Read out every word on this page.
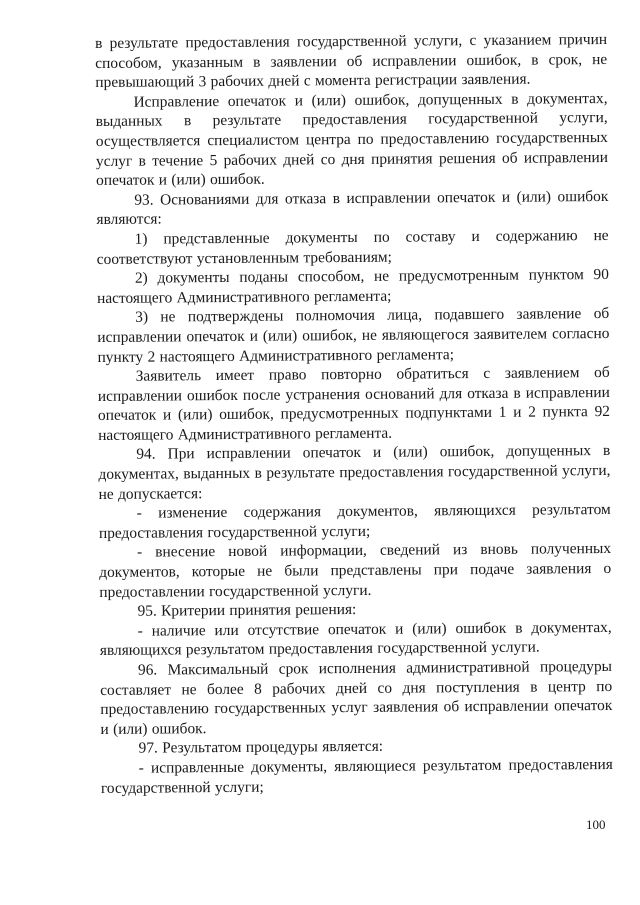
в результате предоставления государственной услуги, с указанием причин способом, указанным в заявлении об исправлении ошибок, в срок, не превышающий 3 рабочих дней с момента регистрации заявления.

Исправление опечаток и (или) ошибок, допущенных в документах, выданных в результате предоставления государственной услуги, осуществляется специалистом центра по предоставлению государственных услуг в течение 5 рабочих дней со дня принятия решения об исправлении опечаток и (или) ошибок.

93. Основаниями для отказа в исправлении опечаток и (или) ошибок являются:

1) представленные документы по составу и содержанию не соответствуют установленным требованиям;

2) документы поданы способом, не предусмотренным пунктом 90 настоящего Административного регламента;

3) не подтверждены полномочия лица, подавшего заявление об исправлении опечаток и (или) ошибок, не являющегося заявителем согласно пункту 2 настоящего Административного регламента;

Заявитель имеет право повторно обратиться с заявлением об исправлении ошибок после устранения оснований для отказа в исправлении опечаток и (или) ошибок, предусмотренных подпунктами 1 и 2 пункта 92 настоящего Административного регламента.

94. При исправлении опечаток и (или) ошибок, допущенных в документах, выданных в результате предоставления государственной услуги, не допускается:

- изменение содержания документов, являющихся результатом предоставления государственной услуги;

- внесение новой информации, сведений из вновь полученных документов, которые не были представлены при подаче заявления о предоставлении государственной услуги.

95. Критерии принятия решения:

- наличие или отсутствие опечаток и (или) ошибок в документах, являющихся результатом предоставления государственной услуги.

96. Максимальный срок исполнения административной процедуры составляет не более 8 рабочих дней со дня поступления в центр по предоставлению государственных услуг заявления об исправлении опечаток и (или) ошибок.

97. Результатом процедуры является:

- исправленные документы, являющиеся результатом предоставления государственной услуги;

100
